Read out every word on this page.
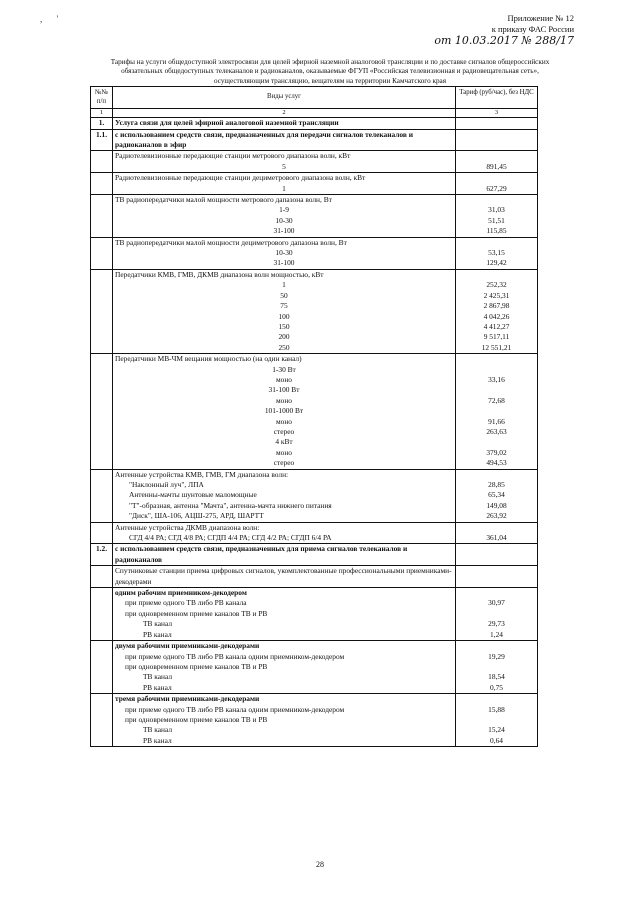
, '	Приложение № 12
к приказу ФАС России
от 10.03.2017 № 288/17
Тарифы на услуги общедоступной электросвязи для целей эфирной наземной аналоговой трансляции и по доставке сигналов общероссийских обязательных общедоступных телеканалов и радиоканалов, оказываемые ФГУП «Российская телевизионная и радиовещательная сеть», осуществляющим трансляцию, вещателям на территории Камчатского края
№№ п/п	Виды услуг	Тариф (руб/час), без НДС
1	2	3
1.	Услуга связи для целей эфирной аналоговой наземной трансляции	
1.1.	с использованием средств связи, предназначенных для передачи сигналов телеканалов и радиоканалов в эфир	
	Радиотелевизионные передающие станции метрового диапазона волн, кВт	
	5	891,45
	Радиотелевизионные передающие станции дециметрового диапазона волн, кВт	
	1	627,29
	ТВ радиопередатчики малой мощности метрового дапазона волн, Вт	
	1-9	31,03
	10-30	51,51
	31-100	115,85
	ТВ радиопередатчики малой мощности дециметрового дапазона волн, Вт	
	10-30	53,15
	31-100	129,42
	Передатчики КМВ, ГМВ, ДКМВ диапазона волн мощностью, кВт	
	1	252,32
	50	2 425,31
	75	2 867,98
	100	4 042,26
	150	4 412,27
	200	9 517,11
	250	12 551,21
	Передатчики МВ-ЧМ вещания мощностью (на один канал)	
	1-30 Вт	
	моно	33,16
	31-100 Вт	
	моно	72,68
	101-1000 Вт	
	моно	91,66
	стерео	263,63
	4 кВт	
	моно	379,02
	стерео	494,53
	Антенные устройства КМВ, ГМВ, ГМ диапазона волн:	
	"Наклонный луч", ЛПА	28,85
	Антенны-мачты шунтовые маломощные	65,34
	"Т"-образная, антенна "Мачта", антенна-мачта нижнего питания	149,08
	"Диск", ША-106, АЦШ-275, АРД, ШАРТТ	263,92
	Антенные устройства ДКМВ диапазона волн:	
	СГД 4/4 РА; СГД 4/8 РА; СГДП 4/4 РА; СГД 4/2 РА; СГДП 6/4 РА	361,04
1.2.	с использованием средств связи, предназначенных для приема сигналов телеканалов и радиоканалов	
	Спутниковые станции приема цифровых сигналов, укомплектованные профессиональными приемниками-декодерами	
	одним рабочим приемником-декодером	
	при приеме одного ТВ либо РВ канала	30,97
	при одновременном приеме каналов ТВ и РВ	
	ТВ канал	29,73
	РВ канал	1,24
	двумя рабочими приемниками-декодерами	
	при приеме одного ТВ либо РВ канала одним приемником-декодером	19,29
	при одновременном приеме каналов ТВ и РВ	
	ТВ канал	18,54
	РВ канал	0,75
	тремя рабочими приемниками-декодерами	
	при приеме одного ТВ либо РВ канала одним приемником-декодером	15,88
	при одновременном приеме каналов ТВ и РВ	
	ТВ канал	15,24
	РВ канал	0,64
28
